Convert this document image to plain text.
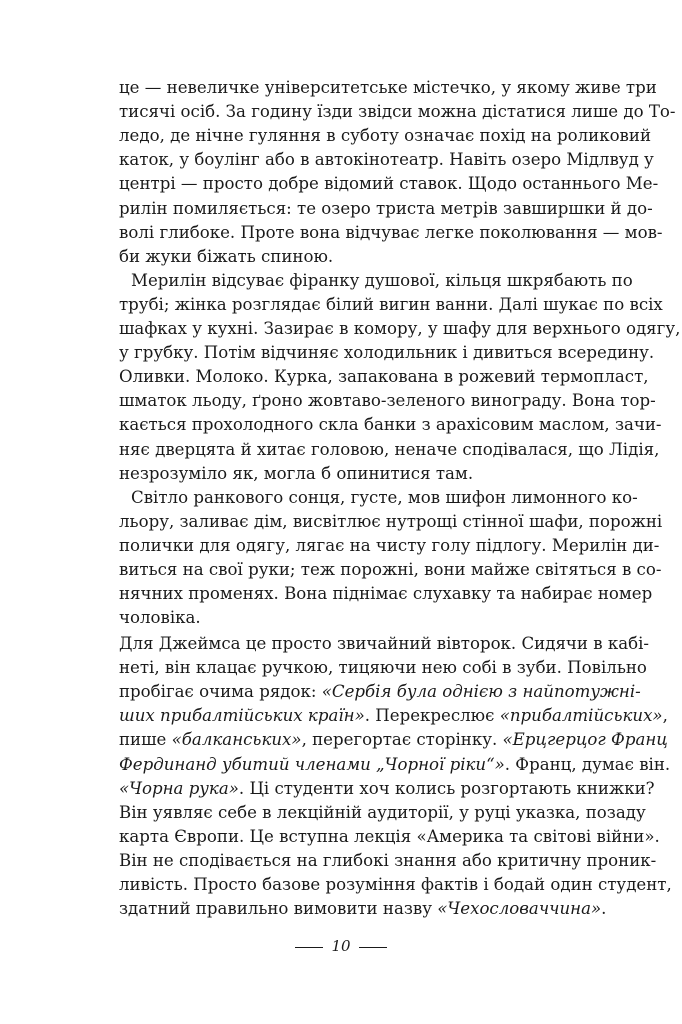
це — невеличке університетське містечко, у якому живе три
тисячі осіб. За годину їзди звідси можна дістатися лише до То-
ледо, де нічне гуляння в суботу означає похід на роликовий
каток, у боулінг або в автокінотеатр. Навіть озеро Мідлвуд у
центрі — просто добре відомий ставок. Щодо останнього Ме-
рилін помиляється: те озеро триста метрів завширшки й до-
волі глибоке. Проте вона відчуває легке поколювання — мов-
би жуки біжать спиною.
Мерилін відсуває фіранку душової, кільця шкрябають по
трубі; жінка розглядає білий вигин ванни. Далі шукає по всіх
шафках у кухні. Зазирає в комору, у шафу для верхнього одягу,
у грубку. Потім відчиняє холодильник і дивиться всередину.
Оливки. Молоко. Курка, запакована в рожевий термопласт,
шматок льоду, ґроно жовтаво-зеленого винограду. Вона тор-
кається прохолодного скла банки з арахісовим маслом, зачи-
няє дверцята й хитає головою, неначе сподівалася, що Лідія,
незрозуміло як, могла б опинитися там.
Світло ранкового сонця, густе, мов шифон лимонного ко-
льору, заливає дім, висвітлює нутрощі стінної шафи, порожні
полички для одягу, лягає на чисту голу підлогу. Мерилін ди-
виться на свої руки; теж порожні, вони майже світяться в со-
нячних променях. Вона піднімає слухавку та набирає номер
чоловіка.
Для Джеймса це просто звичайний вівторок. Сидячи в кабі-
неті, він клацає ручкою, тицяючи нею собі в зуби. Повільно
пробігає очима рядок: «Сербія була однією з найпотужні-
ших прибалтійських країн». Перекреслює «прибалтійських»,
пише «балканських», перегортає сторінку. «Ерцгерцог Франц
Фердинанд убитий членами „Чорної ріки“». Франц, думає він.
«Чорна рука». Ці студенти хоч колись розгортають книжки?
Він уявляє себе в лекційній аудиторії, у руці указка, позаду
карта Європи. Це вступна лекція «Америка та світові війни».
10
Він не сподівається на глибокі знання або критичну проник-
ливість. Просто базове розуміння фактів і бодай один студент,
здатний правильно вимовити назву «Чехословаччина».
